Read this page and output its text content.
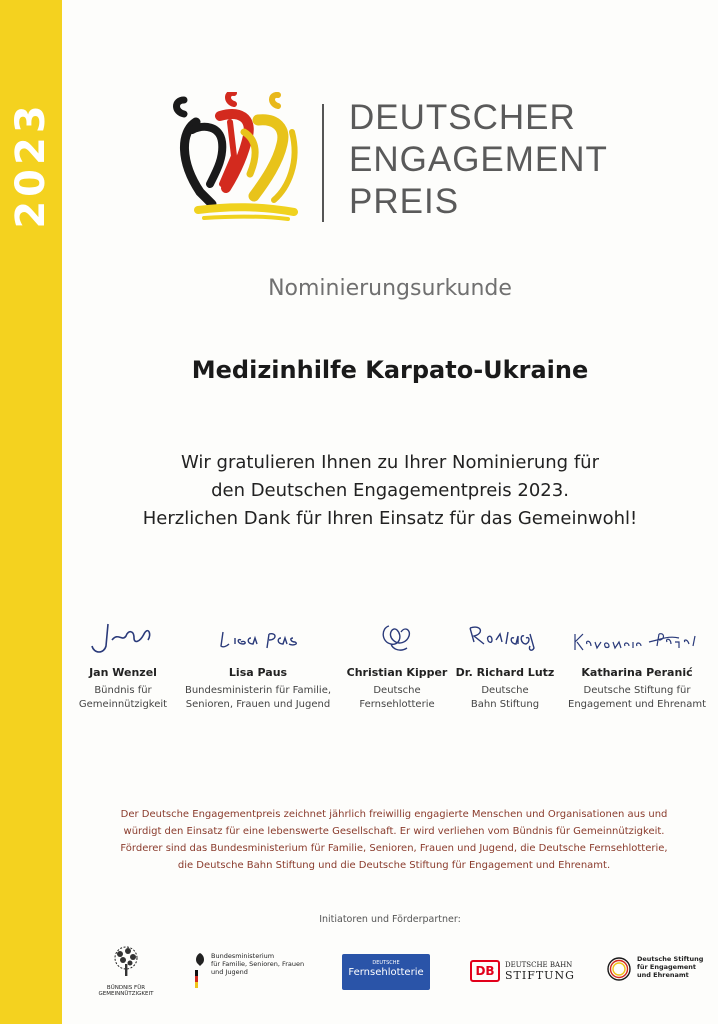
2023	DEUTSCHER
ENGAGEMENT
PREIS
Nominierungsurkunde
Medizinhilfe Karpato-Ukraine
Wir gratulieren Ihnen zu Ihrer Nominierung für
den Deutschen Engagementpreis 2023.
Herzlichen Dank für Ihren Einsatz für das Gemeinwohl!
Jan Wenzel
Bündnis für
Gemeinnützigkeit
Lisa Paus
Bundesministerin für Familie,
Senioren, Frauen und Jugend
Christian Kipper
Deutsche
Fernsehlotterie
Dr. Richard Lutz
Deutsche
Bahn Stiftung
Katharina Peranić
Deutsche Stiftung für
Engagement und Ehrenamt
Der Deutsche Engagementpreis zeichnet jährlich freiwillig engagierte Menschen und Organisationen aus und
würdigt den Einsatz für eine lebenswerte Gesellschaft. Er wird verliehen vom Bündnis für Gemeinnützigkeit.
Förderer sind das Bundesministerium für Familie, Senioren, Frauen und Jugend, die Deutsche Fernsehlotterie,
die Deutsche Bahn Stiftung und die Deutsche Stiftung für Engagement und Ehrenamt.
Initiatoren und Förderpartner:
BÜNDNIS FÜR GEMEINNÜTZIGKEIT
Bundesministerium
für Familie, Senioren, Frauen
und Jugend
DEUTSCHE
Fernsehlotterie	DB	DEUTSCHE BAHN
STIFTUNG
Deutsche Stiftung
für Engagement
und Ehrenamt
